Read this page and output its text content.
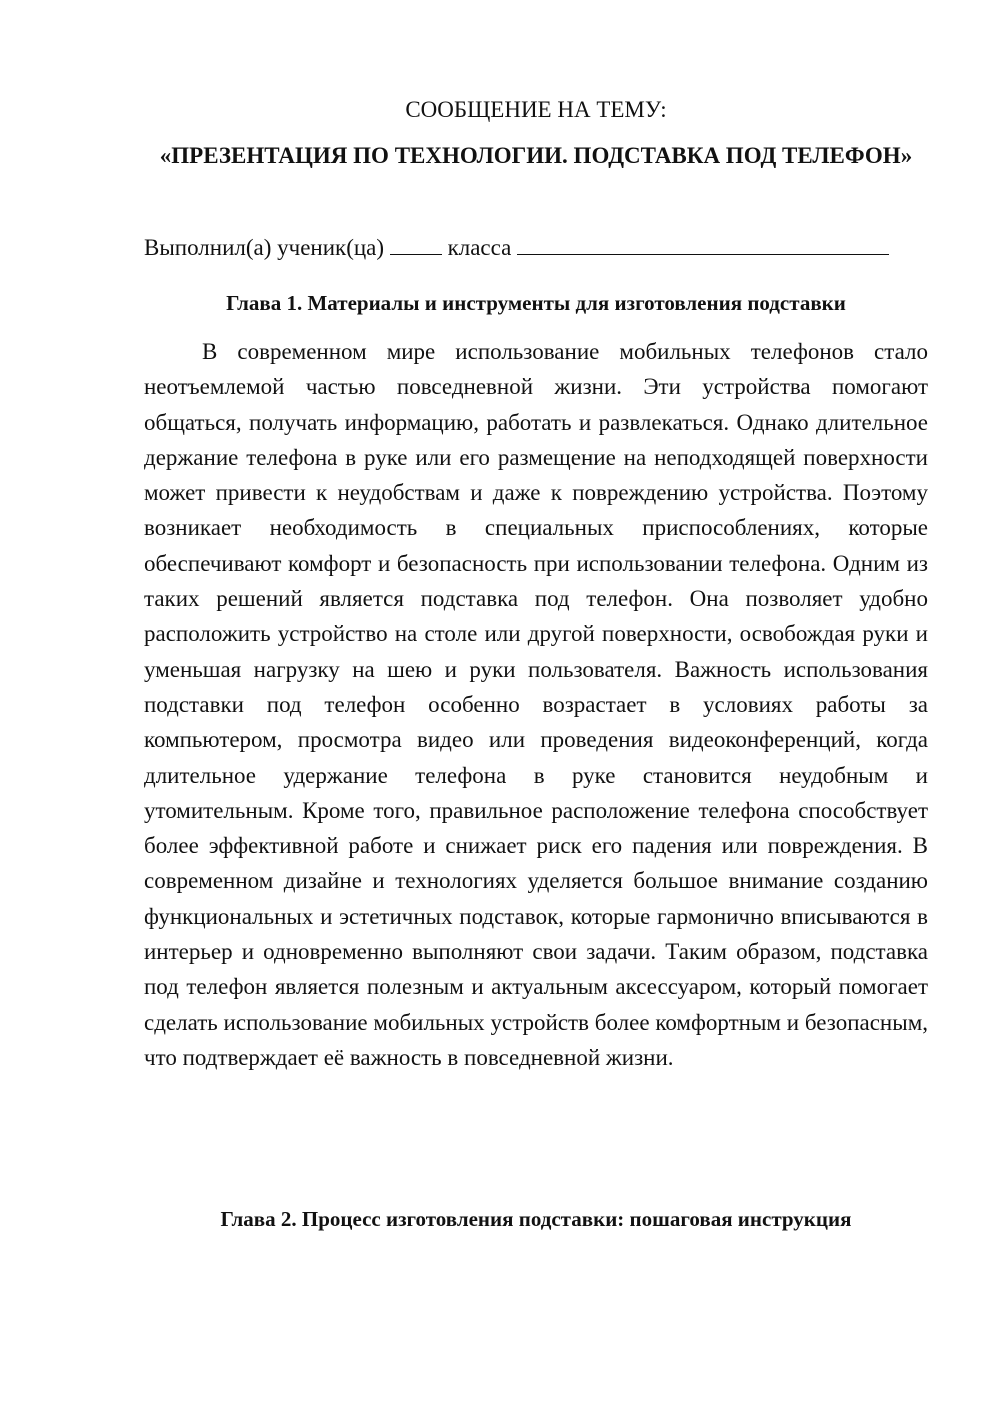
СООБЩЕНИЕ НА ТЕМУ:
«ПРЕЗЕНТАЦИЯ ПО ТЕХНОЛОГИИ. ПОДСТАВКА ПОД ТЕЛЕФОН»
Выполнил(а) ученик(ца)	класса
Глава 1. Материалы и инструменты для изготовления подставки

В современном мире использование мобильных телефонов стало неотъемлемой частью повседневной жизни. Эти устройства помогают общаться, получать информацию, работать и развлекаться. Однако длительное держание телефона в руке или его размещение на неподходящей поверхности может привести к неудобствам и даже к повреждению устройства. Поэтому возникает необходимость в специальных приспособлениях, которые обеспечивают комфорт и безопасность при использовании телефона. Одним из таких решений является подставка под телефон. Она позволяет удобно расположить устройство на столе или другой поверхности, освобождая руки и уменьшая нагрузку на шею и руки пользователя. Важность использования подставки под телефон особенно возрастает в условиях работы за компьютером, просмотра видео или проведения видеоконференций, когда длительное удержание телефона в руке становится неудобным и утомительным. Кроме того, правильное расположение телефона способствует более эффективной работе и снижает риск его падения или повреждения. В современном дизайне и технологиях уделяется большое внимание созданию функциональных и эстетичных подставок, которые гармонично вписываются в интерьер и одновременно выполняют свои задачи. Таким образом, подставка под телефон является полезным и актуальным аксессуаром, который помогает сделать использование мобильных устройств более комфортным и безопасным, что подтверждает её важность в повседневной жизни.

Глава 2. Процесс изготовления подставки: пошаговая инструкция
